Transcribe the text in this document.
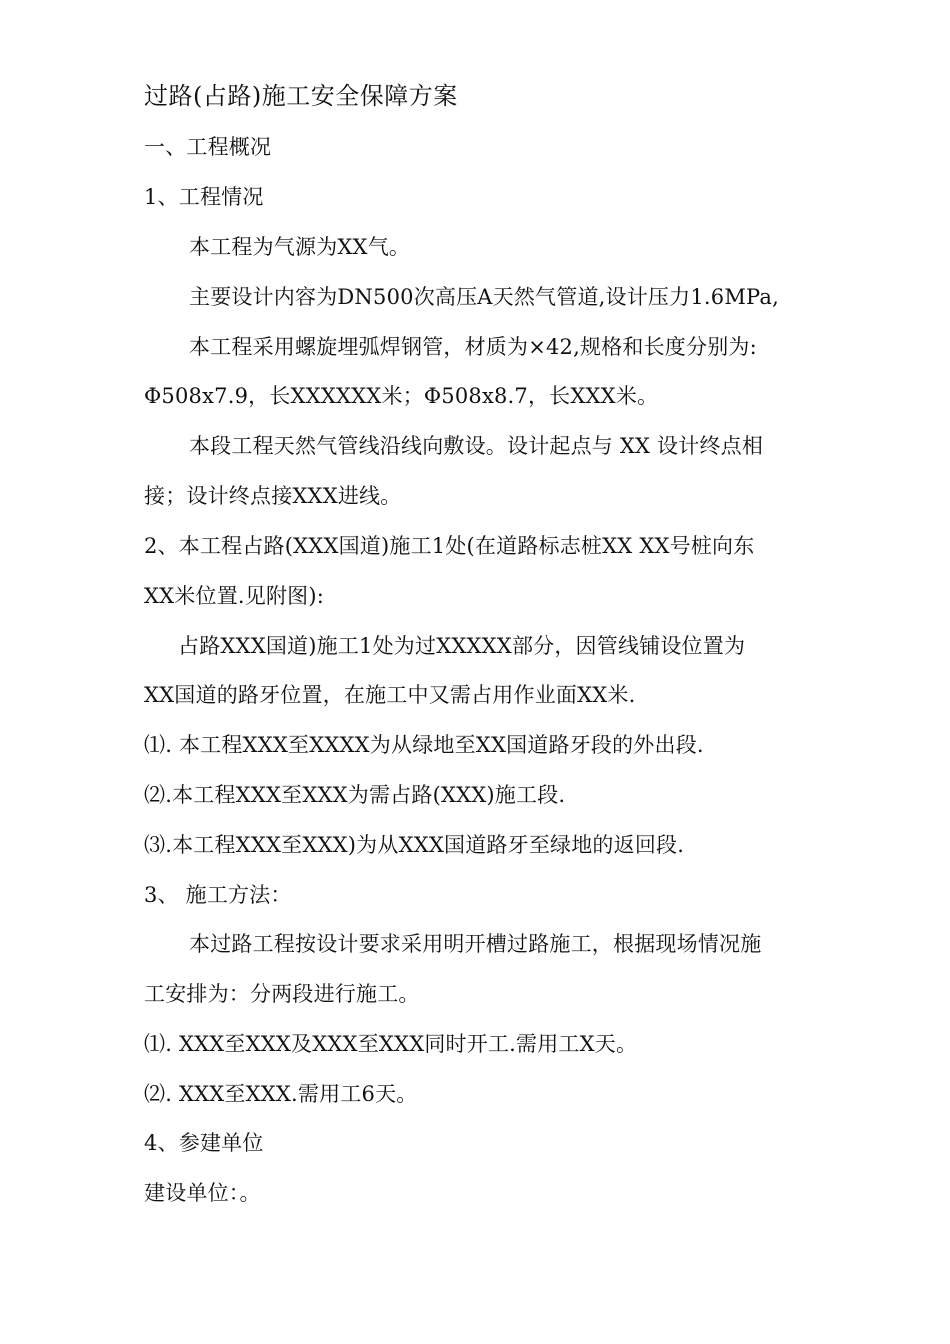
过路(占路)施工安全保障方案
一、工程概况
1、工程情况
本工程为气源为XX气。
主要设计内容为DN500次高压A天然气管道,设计压力1.6MPa,
本工程采用螺旋埋弧焊钢管，材质为×42,规格和长度分别为:
Φ508x7.9，长XXXXXX米；Φ508x8.7，长XXX米。
本段工程天然气管线沿线向敷设。设计起点与 XX 设计终点相
接；设计终点接XXX进线。
2、本工程占路(XXX国道)施工1处(在道路标志桩XX XX号桩向东
XX米位置.见附图):
占路XXX国道)施工1处为过XXXXX部分，因管线铺设位置为
XX国道的路牙位置，在施工中又需占用作业面XX米.
⑴. 本工程XXX至XXXX为从绿地至XX国道路牙段的外出段.
⑵.本工程XXX至XXX为需占路(XXX)施工段.
⑶.本工程XXX至XXX)为从XXX国道路牙至绿地的返回段.
3、 施工方法：
本过路工程按设计要求采用明开槽过路施工，根据现场情况施
工安排为：分两段进行施工。
⑴. XXX至XXX及XXX至XXX同时开工.需用工X天。
⑵. XXX至XXX.需用工6天。
4、参建单位
建设单位：。
